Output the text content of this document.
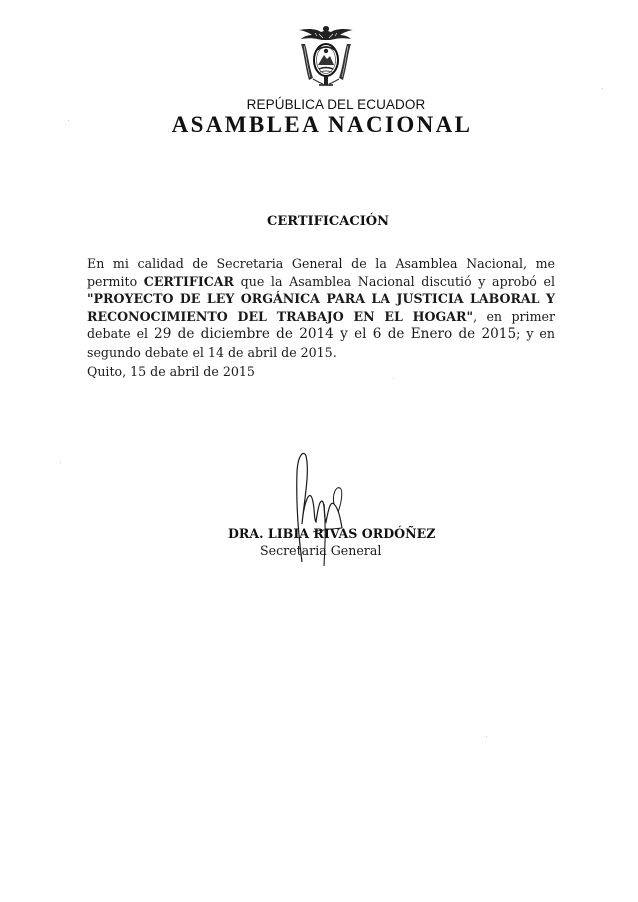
REPÚBLICA DEL ECUADOR
ASAMBLEA NACIONAL
CERTIFICACIÓN
En mi calidad de Secretaria General de la Asamblea Nacional, me permito CERTIFICAR que la Asamblea Nacional discutió y aprobó el "PROYECTO DE LEY ORGÁNICA PARA LA JUSTICIA LABORAL Y RECONOCIMIENTO DEL TRABAJO EN EL HOGAR", en primer debate el 29 de diciembre de 2014 y el 6 de Enero de 2015; y en segundo debate el 14 de abril de 2015.
Quito, 15 de abril de 2015
DRA. LIBIA RIVAS ORDÓÑEZ
Secretaria General
